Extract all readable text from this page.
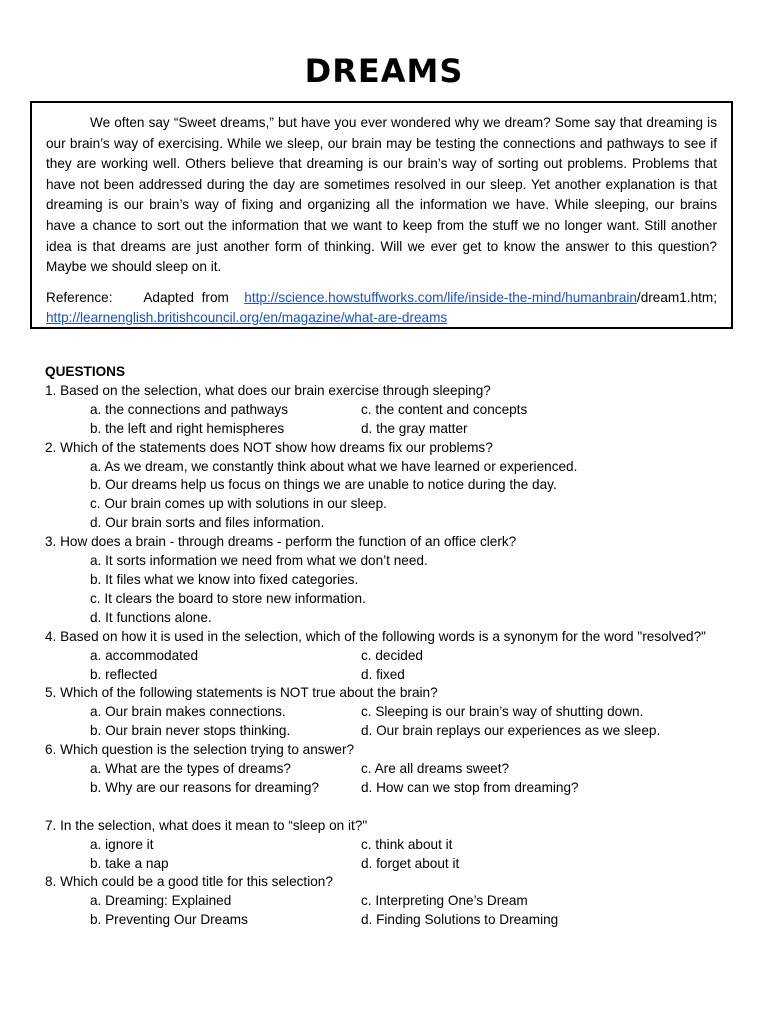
DREAMS

We often say “Sweet dreams,” but have you ever wondered why we dream? Some say that dreaming is our brain’s way of exercising. While we sleep, our brain may be testing the connections and pathways to see if they are working well. Others believe that dreaming is our brain’s way of sorting out problems. Problems that have not been addressed during the day are sometimes resolved in our sleep. Yet another explanation is that dreaming is our brain’s way of fixing and organizing all the information we have. While sleeping, our brains have a chance to sort out the information that we want to keep from the stuff we no longer want. Still another idea is that dreams are just another form of thinking. Will we ever get to know the answer to this question? Maybe we should sleep on it.

Reference: Adapted from http://science.howstuffworks.com/life/inside-the-mind/humanbrain/dream1.htm; http://learnenglish.britishcouncil.org/en/magazine/what-are-dreams

QUESTIONS

1. Based on the selection, what does our brain exercise through sleeping?

a. the connections and pathways	c. the content and concepts
b. the left and right hemispheres	d. the gray matter

2. Which of the statements does NOT show how dreams fix our problems?

a. As we dream, we constantly think about what we have learned or experienced.
b. Our dreams help us focus on things we are unable to notice during the day.
c. Our brain comes up with solutions in our sleep.
d. Our brain sorts and files information.

3. How does a brain - through dreams - perform the function of an office clerk?

a. It sorts information we need from what we don’t need.
b. It files what we know into fixed categories.
c. It clears the board to store new information.
d. It functions alone.

4. Based on how it is used in the selection, which of the following words is a synonym for the word "resolved?"

a. accommodated	c. decided
b. reflected	d. fixed

5. Which of the following statements is NOT true about the brain?

a. Our brain makes connections.	c. Sleeping is our brain’s way of shutting down.
b. Our brain never stops thinking.	d. Our brain replays our experiences as we sleep.

6. Which question is the selection trying to answer?

a. What are the types of dreams?	c. Are all dreams sweet?
b. Why are our reasons for dreaming?	d. How can we stop from dreaming?

7. In the selection, what does it mean to “sleep on it?"

a. ignore it	c. think about it
b. take a nap	d. forget about it

8. Which could be a good title for this selection?

a. Dreaming: Explained	c. Interpreting One’s Dream
b. Preventing Our Dreams	d. Finding Solutions to Dreaming
